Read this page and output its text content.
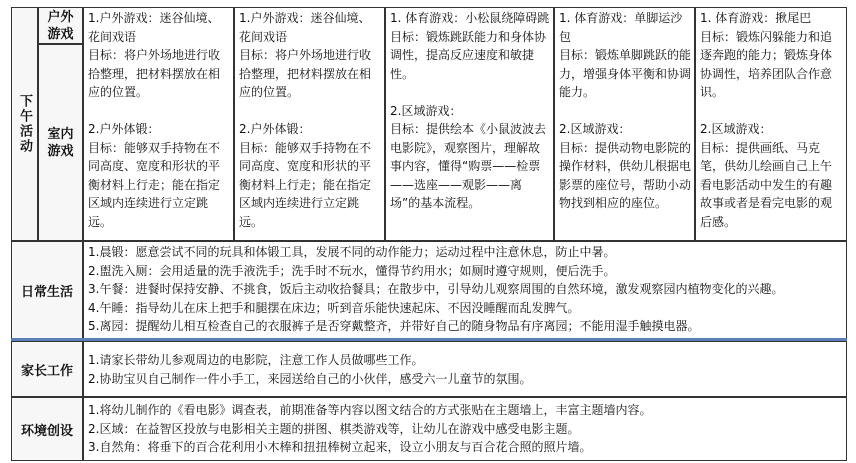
下午活动
户外游戏
室内游戏

1.户外游戏：迷谷仙境、花间戏语

目标：将户外场地进行收拾整理，把材料摆放在相应的位置。

2.户外体锻：

目标：能够双手持物在不同高度、宽度和形状的平衡材料上行走；能在指定区域内连续进行立定跳远。

1.户外游戏：迷谷仙境、花间戏语

目标：将户外场地进行收拾整理，把材料摆放在相应的位置。

2.户外体锻：

目标：能够双手持物在不同高度、宽度和形状的平衡材料上行走；能在指定区域内连续进行立定跳远。

1. 体育游戏：小松鼠绕障碍跳

目标：锻炼跳跃能力和身体协调性，提高反应速度和敏捷性。

2.区域游戏：

目标：提供绘本《小鼠波波去电影院》，观察图片，理解故事内容，懂得“购票——检票——选座——观影——离场”的基本流程。

1. 体育游戏：单脚运沙包

目标：锻炼单脚跳跃的能力，增强身体平衡和协调能力。

2.区域游戏：

目标：提供动物电影院的操作材料，供幼儿根据电影票的座位号，帮助小动物找到相应的座位。

1. 体育游戏：揪尾巴

目标：锻炼闪躲能力和追逐奔跑的能力；锻炼身体协调性，培养团队合作意识。

2.区域游戏：

目标：提供画纸、马克笔，供幼儿绘画自己上午看电影活动中发生的有趣故事或者是看完电影的观后感。

日常生活
1.晨锻：愿意尝试不同的玩具和体锻工具，发展不同的动作能力；运动过程中注意休息，防止中暑。
2.盥洗入厕：会用适量的洗手液洗手；洗手时不玩水，懂得节约用水；如厕时遵守规则，便后洗手。
3.午餐：进餐时保持安静、不挑食，饭后主动收拾餐具；在散步中，引导幼儿观察周围的自然环境，激发观察园内植物变化的兴趣。
4.午睡：指导幼儿在床上把手和腿摆在床边；听到音乐能快速起床、不因没睡醒而乱发脾气。
5.离园：提醒幼儿相互检查自己的衣服裤子是否穿戴整齐，并带好自己的随身物品有序离园；不能用湿手触摸电器。
家长工作
1.请家长带幼儿参观周边的电影院，注意工作人员做哪些工作。
2.协助宝贝自己制作一件小手工，来园送给自己的小伙伴，感受六一儿童节的氛围。
环境创设
1.将幼儿制作的《看电影》调查表，前期准备等内容以图文结合的方式张贴在主题墙上，丰富主题墙内容。
2.区域：在益智区投放与电影相关主题的拼图、棋类游戏等，让幼儿在游戏中感受电影主题。
3.自然角：将垂下的百合花利用小木棒和扭扭棒树立起来，设立小朋友与百合花合照的照片墙。
